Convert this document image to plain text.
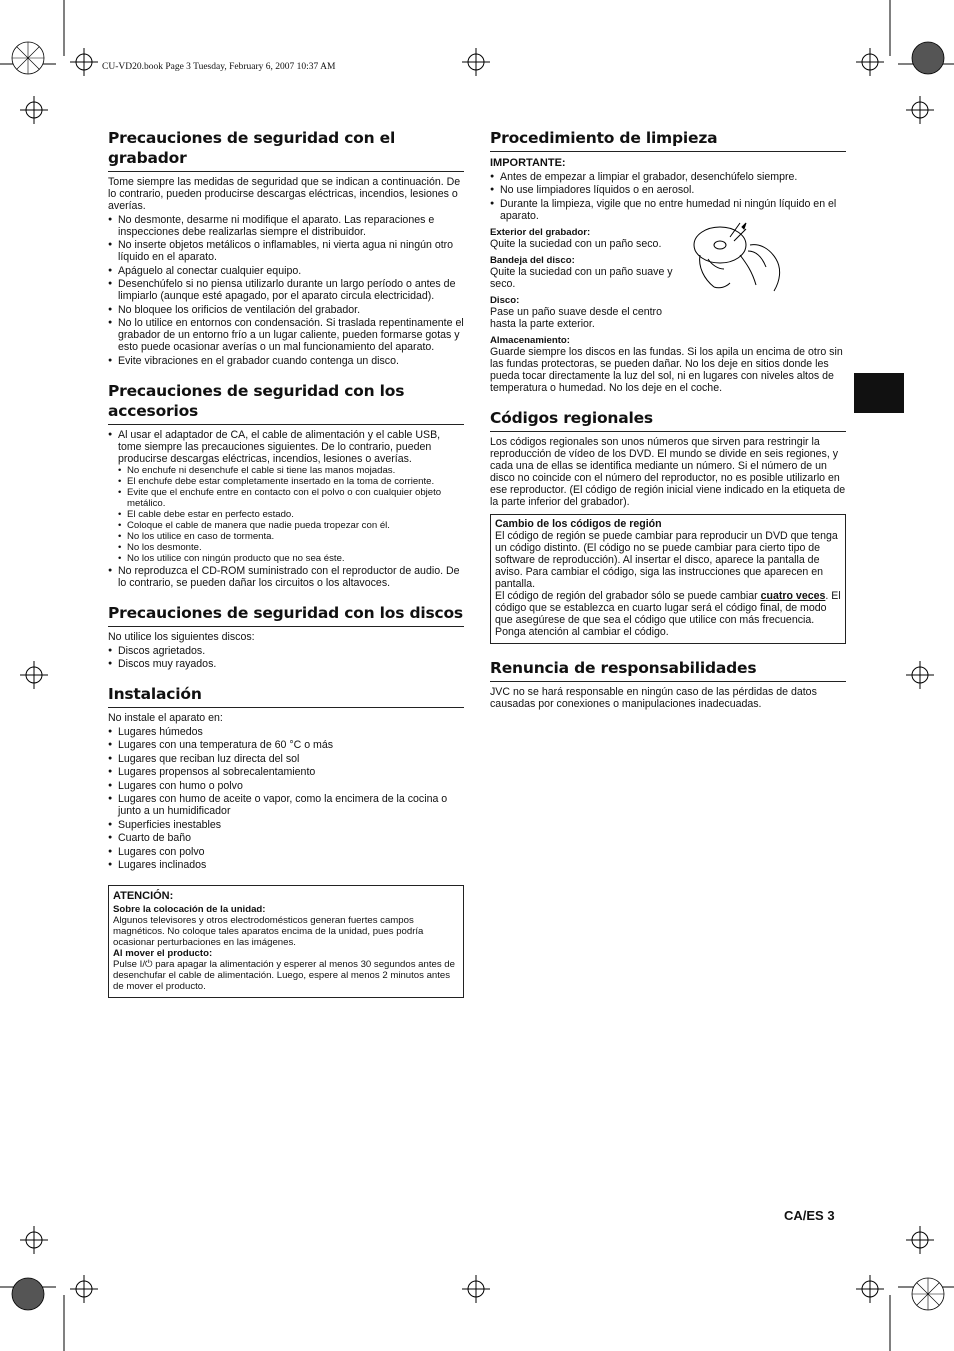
CU-VD20.book Page 3 Tuesday, February 6, 2007 10:37 AM
Precauciones de seguridad con el
grabador

Tome siempre las medidas de seguridad que se indican a continuación. De lo contrario, pueden producirse descargas eléctricas, incendios, lesiones o averías.

● No desmonte, desarme ni modifique el aparato. Las reparaciones e inspecciones debe realizarlas siempre el distribuidor.
● No inserte objetos metálicos o inflamables, ni vierta agua ni ningún otro líquido en el aparato.
● Apáguelo al conectar cualquier equipo.
● Desenchúfelo si no piensa utilizarlo durante un largo período o antes de limpiarlo (aunque esté apagado, por el aparato circula electricidad).
● No bloquee los orificios de ventilación del grabador.
● No lo utilice en entornos con condensación. Si traslada repentinamente el grabador de un entorno frío a un lugar caliente, pueden formarse gotas y esto puede ocasionar averías o un mal funcionamiento del aparato.
● Evite vibraciones en el grabador cuando contenga un disco.
Precauciones de seguridad con los
accesorios
● Al usar el adaptador de CA, el cable de alimentación y el cable USB, tome siempre las precauciones siguientes. De lo contrario, pueden producirse descargas eléctricas, incendios, lesiones o averías.
• No enchufe ni desenchufe el cable si tiene las manos mojadas.
• El enchufe debe estar completamente insertado en la toma de corriente.
• Evite que el enchufe entre en contacto con el polvo o con cualquier objeto metálico.
• El cable debe estar en perfecto estado.
• Coloque el cable de manera que nadie pueda tropezar con él.
• No los utilice en caso de tormenta.
• No los desmonte.
• No los utilice con ningún producto que no sea éste.
● No reproduzca el CD-ROM suministrado con el reproductor de audio. De lo contrario, se pueden dañar los circuitos o los altavoces.
Precauciones de seguridad con los discos

No utilice los siguientes discos:

● Discos agrietados.
● Discos muy rayados.
Instalación

No instale el aparato en:

● Lugares húmedos
● Lugares con una temperatura de 60 °C o más
● Lugares que reciban luz directa del sol
● Lugares propensos al sobrecalentamiento
● Lugares con humo o polvo
● Lugares con humo de aceite o vapor, como la encimera de la cocina o junto a un humidificador
● Superficies inestables
● Cuarto de baño
● Lugares con polvo
● Lugares inclinados
ATENCIÓN:
Sobre la colocación de la unidad:

Algunos televisores y otros electrodomésticos generan fuertes campos magnéticos. No coloque tales aparatos encima de la unidad, pues podría ocasionar perturbaciones en las imágenes.

Al mover el producto:

Pulse I/⏻ para apagar la alimentación y esperer al menos 30 segundos antes de desenchufar el cable de alimentación. Luego, espere al menos 2 minutos antes de mover el producto.

Procedimiento de limpieza
IMPORTANTE:
● Antes de empezar a limpiar el grabador, desenchúfelo siempre.
● No use limpiadores líquidos o en aerosol.
● Durante la limpieza, vigile que no entre humedad ni ningún líquido en el aparato.
Exterior del grabador:

Quite la suciedad con un paño seco.

Bandeja del disco:

Quite la suciedad con un paño suave y seco.

Disco:

Pase un paño suave desde el centro hasta la parte exterior.

Almacenamiento:

Guarde siempre los discos en las fundas. Si los apila un encima de otro sin las fundas protectoras, se pueden dañar. No los deje en sitios donde les pueda tocar directamente la luz del sol, ni en lugares con niveles altos de temperatura o humedad. No los deje en el coche.

Códigos regionales

Los códigos regionales son unos números que sirven para restringir la reproducción de vídeo de los DVD. El mundo se divide en seis regiones, y cada una de ellas se identifica mediante un número. Si el número de un disco no coincide con el número del reproductor, no es posible utilizarlo en ese reproductor. (El código de región inicial viene indicado en la etiqueta de la parte inferior del grabador).

Cambio de los códigos de región

El código de región se puede cambiar para reproducir un DVD que tenga un código distinto. (El código no se puede cambiar para cierto tipo de software de reproducción). Al insertar el disco, aparece la pantalla de aviso. Para cambiar el código, siga las instrucciones que aparecen en pantalla.

El código de región del grabador sólo se puede cambiar cuatro veces. El código que se establezca en cuarto lugar será el código final, de modo que asegúrese de que sea el código que utilice con más frecuencia. Ponga atención al cambiar el código.

Renuncia de responsabilidades

JVC no se hará responsable en ningún caso de las pérdidas de datos causadas por conexiones o manipulaciones inadecuadas.

CA/ES 3
